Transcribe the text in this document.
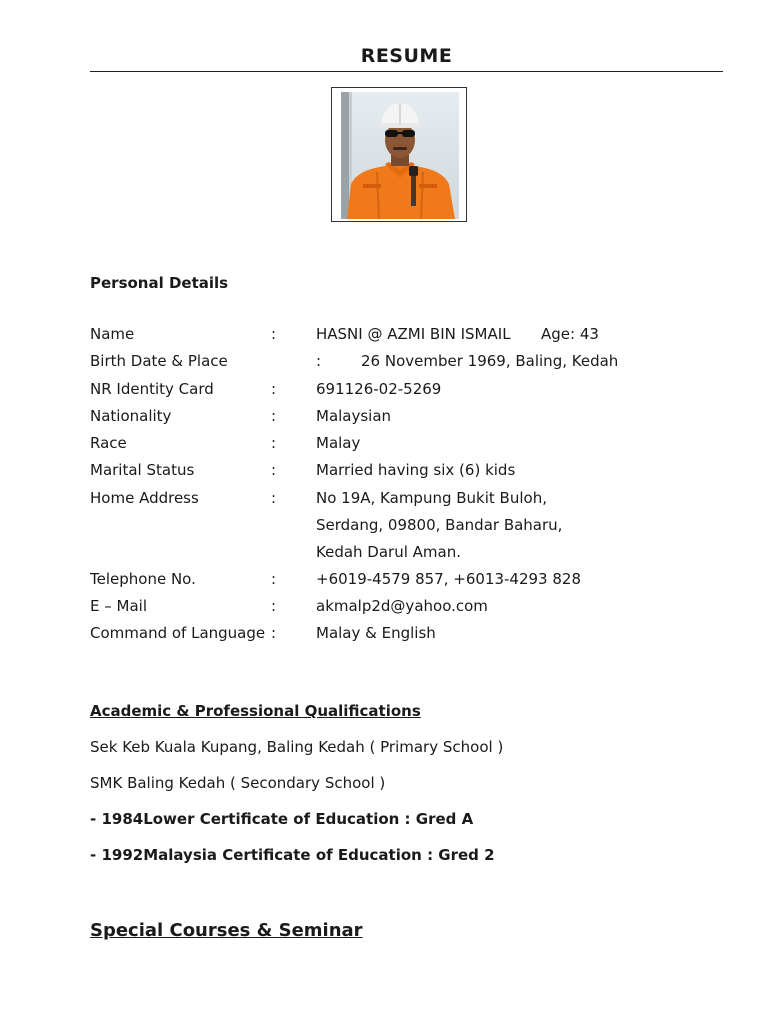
RESUME
Personal Details
Name	:	HASNI @ AZMI BIN ISMAIL Age: 43
Birth Date & Place	:	26 November 1969, Baling, Kedah
NR Identity Card	:	691126-02-5269
Nationality	:	Malaysian
Race	:	Malay
Marital Status	:	Married having six (6) kids
Home Address	:	No 19A, Kampung Bukit Buloh,
Serdang, 09800, Bandar Baharu,
Kedah Darul Aman.
Telephone No.	:	+6019-4579 857, +6013-4293 828
E – Mail	:	akmalp2d@yahoo.com
Command of Language :	Malay & English
Academic & Professional Qualifications
Sek Keb Kuala Kupang, Baling Kedah ( Primary School )
SMK Baling Kedah ( Secondary School )
- 1984Lower Certificate of Education : Gred A
- 1992Malaysia Certificate of Education : Gred 2
Special Courses & Seminar
